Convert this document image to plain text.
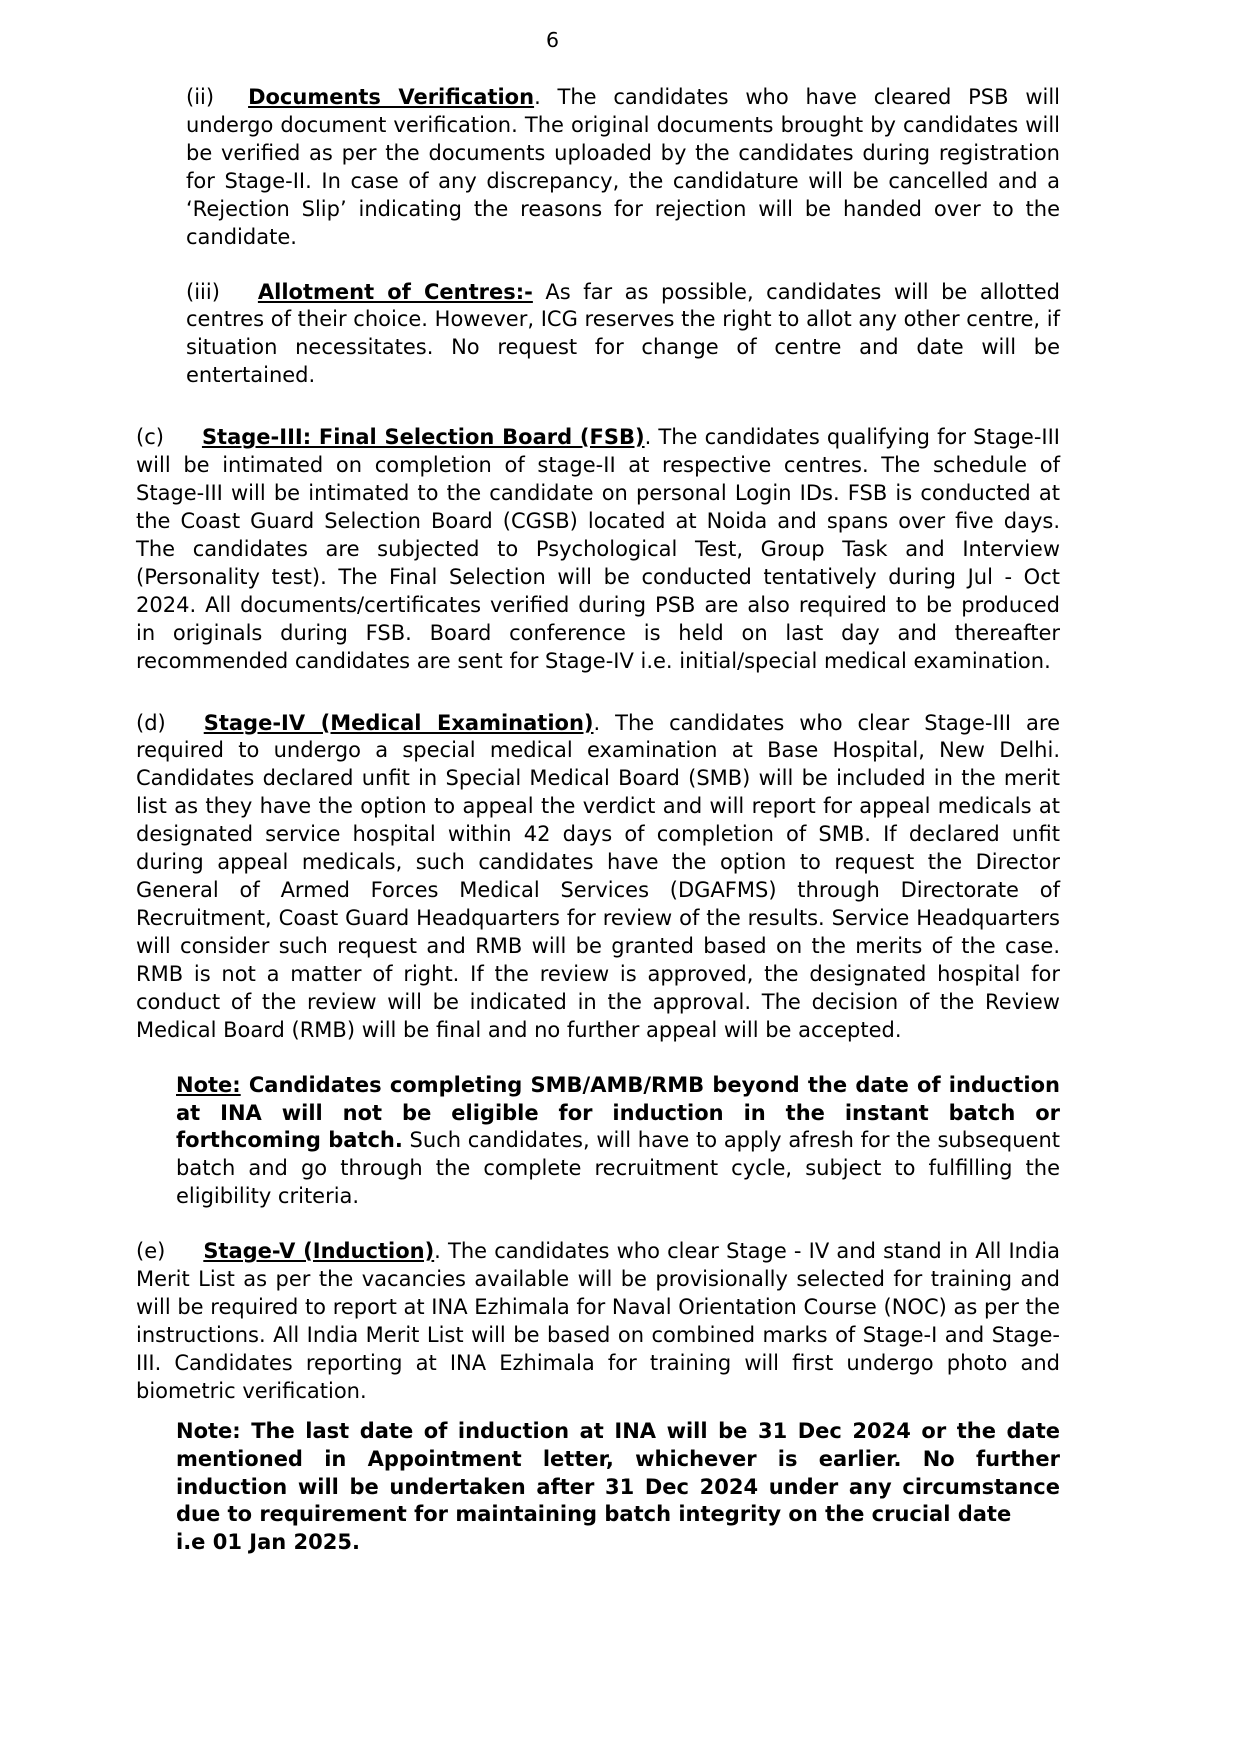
6

(ii) Documents Verification. The candidates who have cleared PSB will undergo document verification. The original documents brought by candidates will be verified as per the documents uploaded by the candidates during registration for Stage-II. In case of any discrepancy, the candidature will be cancelled and a ‘Rejection Slip’ indicating the reasons for rejection will be handed over to the candidate.

(iii) Allotment of Centres:- As far as possible, candidates will be allotted centres of their choice. However, ICG reserves the right to allot any other centre, if situation necessitates. No request for change of centre and date will be entertained.

(c) Stage-III: Final Selection Board (FSB). The candidates qualifying for Stage-III will be intimated on completion of stage-II at respective centres. The schedule of Stage-III will be intimated to the candidate on personal Login IDs. FSB is conducted at the Coast Guard Selection Board (CGSB) located at Noida and spans over five days. The candidates are subjected to Psychological Test, Group Task and Interview (Personality test). The Final Selection will be conducted tentatively during Jul - Oct 2024. All documents/certificates verified during PSB are also required to be produced in originals during FSB. Board conference is held on last day and thereafter recommended candidates are sent for Stage-IV i.e. initial/special medical examination.

(d) Stage-IV (Medical Examination). The candidates who clear Stage-III are required to undergo a special medical examination at Base Hospital, New Delhi. Candidates declared unfit in Special Medical Board (SMB) will be included in the merit list as they have the option to appeal the verdict and will report for appeal medicals at designated service hospital within 42 days of completion of SMB. If declared unfit during appeal medicals, such candidates have the option to request the Director General of Armed Forces Medical Services (DGAFMS) through Directorate of Recruitment, Coast Guard Headquarters for review of the results. Service Headquarters will consider such request and RMB will be granted based on the merits of the case. RMB is not a matter of right. If the review is approved, the designated hospital for conduct of the review will be indicated in the approval. The decision of the Review Medical Board (RMB) will be final and no further appeal will be accepted.

Note: Candidates completing SMB/AMB/RMB beyond the date of induction at INA will not be eligible for induction in the instant batch or forthcoming batch. Such candidates, will have to apply afresh for the subsequent batch and go through the complete recruitment cycle, subject to fulfilling the eligibility criteria.

(e) Stage-V (Induction). The candidates who clear Stage - IV and stand in All India Merit List as per the vacancies available will be provisionally selected for training and will be required to report at INA Ezhimala for Naval Orientation Course (NOC) as per the instructions. All India Merit List will be based on combined marks of Stage-I and Stage-III. Candidates reporting at INA Ezhimala for training will first undergo photo and biometric verification.

Note: The last date of induction at INA will be 31 Dec 2024 or the date mentioned in Appointment letter, whichever is earlier. No further induction will be undertaken after 31 Dec 2024 under any circumstance due to requirement for maintaining batch integrity on the crucial date

i.e 01 Jan 2025.
